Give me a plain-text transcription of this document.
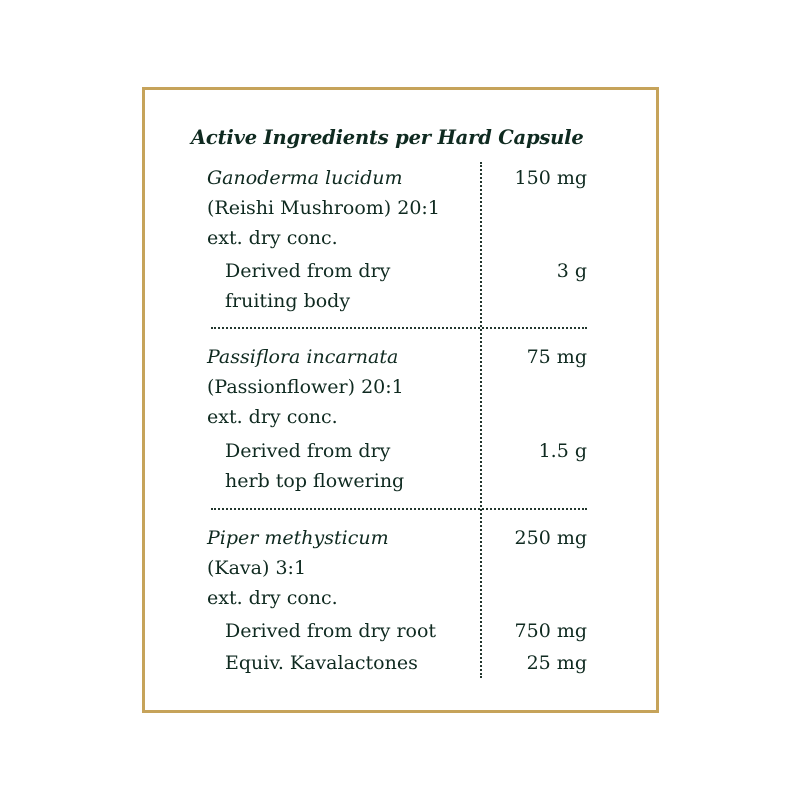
Active Ingredients per Hard Capsule
Ganoderma lucidum
(Reishi Mushroom) 20:1
ext. dry conc.
150 mg
Derived from dry
fruiting body
3 g
Passiflora incarnata
(Passionflower) 20:1
ext. dry conc.
75 mg
Derived from dry
herb top flowering
1.5 g
Piper methysticum
(Kava) 3:1
ext. dry conc.
250 mg
Derived from dry root	750 mg
Equiv. Kavalactones	25 mg
